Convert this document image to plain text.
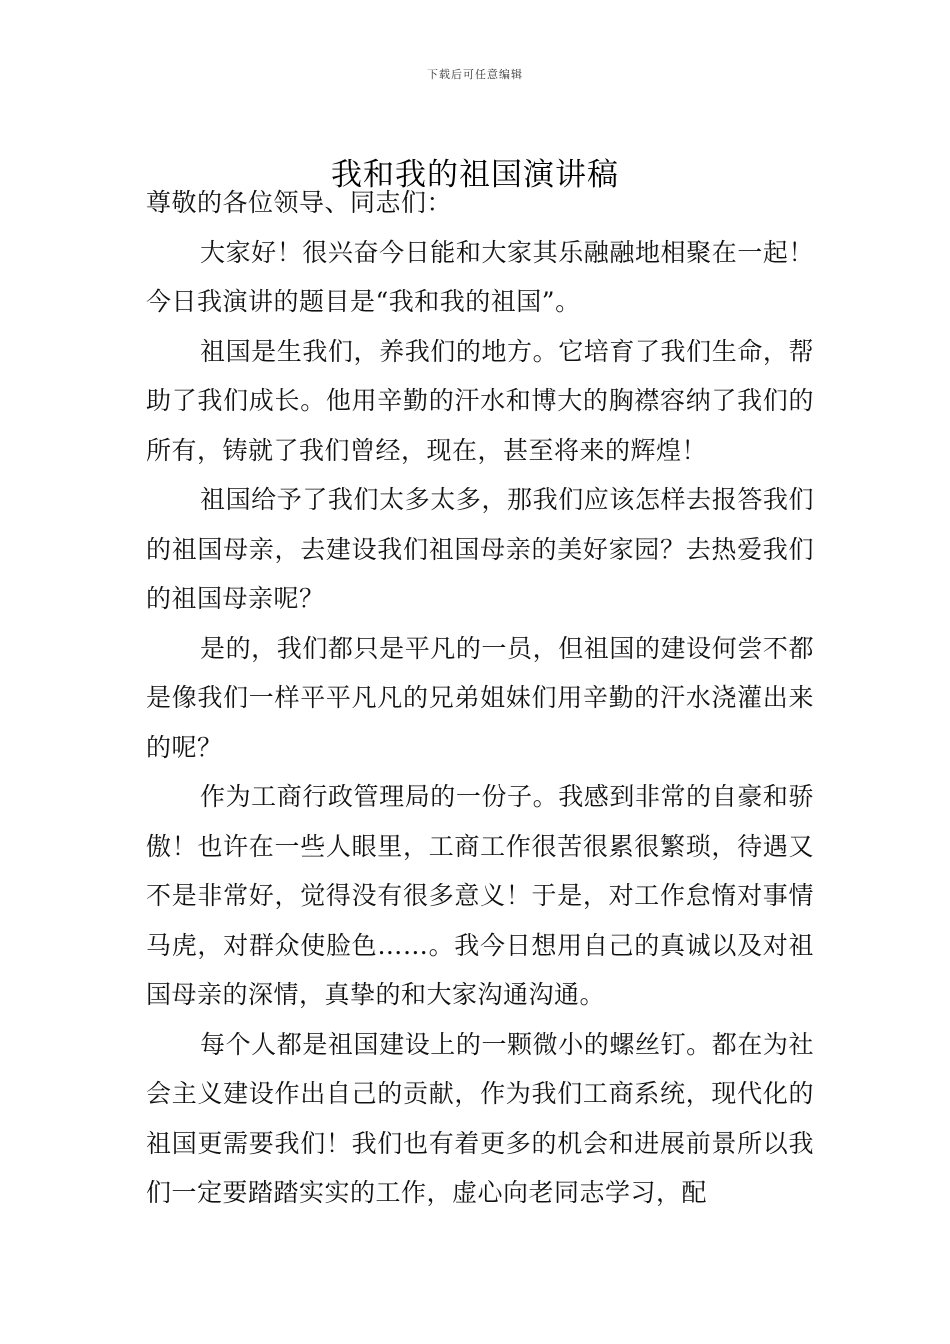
下载后可任意编辑
我和我的祖国演讲稿

尊敬的各位领导、同志们：

大家好！很兴奋今日能和大家其乐融融地相聚在一起！今日我演讲的题目是“我和我的祖国”。

祖国是生我们，养我们的地方。它培育了我们生命，帮助了我们成长。他用辛勤的汗水和博大的胸襟容纳了我们的所有，铸就了我们曾经，现在，甚至将来的辉煌！

祖国给予了我们太多太多，那我们应该怎样去报答我们的祖国母亲，去建设我们祖国母亲的美好家园？去热爱我们的祖国母亲呢？

是的，我们都只是平凡的一员，但祖国的建设何尝不都是像我们一样平平凡凡的兄弟姐妹们用辛勤的汗水浇灌出来的呢？

作为工商行政管理局的一份子。我感到非常的自豪和骄傲！也许在一些人眼里，工商工作很苦很累很繁琐，待遇又不是非常好，觉得没有很多意义！于是，对工作怠惰对事情马虎，对群众使脸色……。我今日想用自己的真诚以及对祖国母亲的深情，真挚的和大家沟通沟通。

每个人都是祖国建设上的一颗微小的螺丝钉。都在为社会主义建设作出自己的贡献，作为我们工商系统，现代化的祖国更需要我们！我们也有着更多的机会和进展前景所以我们一定要踏踏实实的工作，虚心向老同志学习，配
